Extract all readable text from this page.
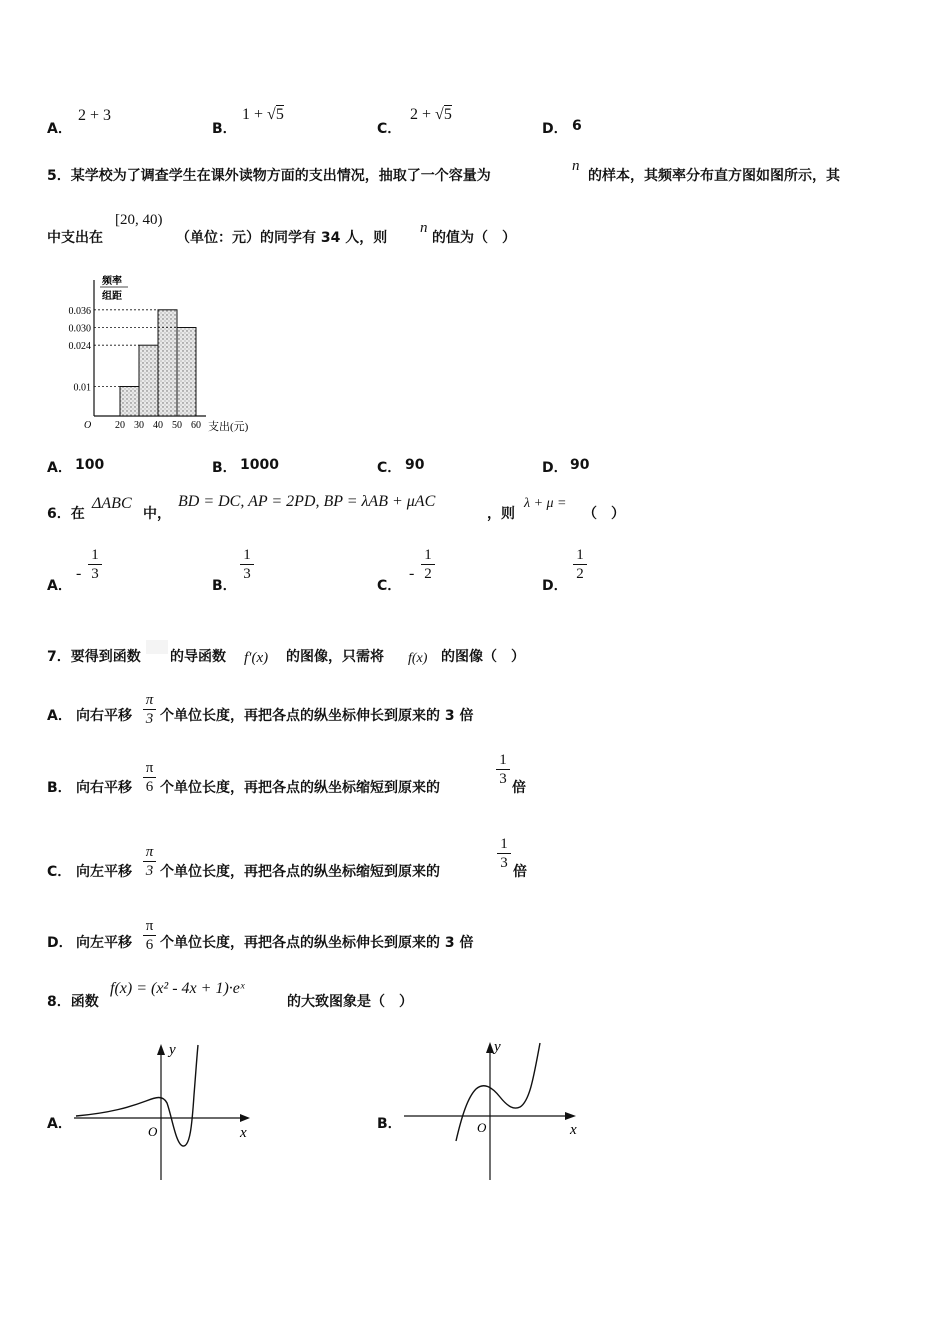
A．
2 + 3
B．
1 + √5
C．
2 + √5
D． 6
5．某学校为了调查学生在课外读物方面的支出情况，抽取了一个容量为
n
的样本，其频率分布直方图如图所示，其
中支出在
[20, 40)
（单位：元）的同学有 34 人，则
n
的值为（　）
0.036
0.030
0.024
0.01
20 30 40 50 60
O	支出(元)
频率
组距
A． 100	B． 1000	C． 90	D． 90
6．在
ΔABC
中，
BD = DC, AP = 2PD, BP = λAB + μAC
，则
λ + μ =
（　）
A．
-
1
3
B．
1
3
C．
-
1
2
D．
1
2
7．要得到函数 的导函数 f′(x) 的图像，只需将 f(x) 的图像（　）
A． 向右平移
π
3 个单位长度，再把各点的纵坐标伸长到原来的 3 倍
B． 向右平移
π
6 个单位长度，再把各点的纵坐标缩短到原来的
1
3
倍
C． 向左平移
π
3 个单位长度，再把各点的纵坐标缩短到原来的
1
3
倍
D． 向左平移
π
6 个单位长度，再把各点的纵坐标伸长到原来的 3 倍
8．函数
f(x) = (x² - 4x + 1)·eˣ
的大致图象是（　）
A．
y
x
O	B．
y
x
O
